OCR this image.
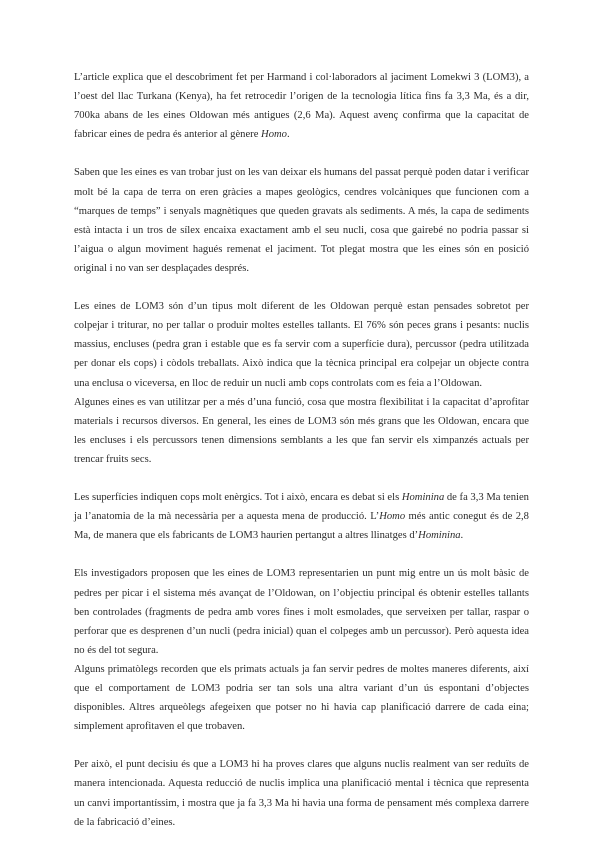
L’article explica que el descobriment fet per Harmand i col·laboradors al jaciment Lomekwi 3 (LOM3), a l’oest del llac Turkana (Kenya), ha fet retrocedir l’origen de la tecnologia lítica fins fa 3,3 Ma, és a dir, 700ka abans de les eines Oldowan més antigues (2,6 Ma). Aquest avenç confirma que la capacitat de fabricar eines de pedra és anterior al gènere Homo.

Saben que les eines es van trobar just on les van deixar els humans del passat perquè poden datar i verificar molt bé la capa de terra on eren gràcies a mapes geològics, cendres volcàniques que funcionen com a “marques de temps” i senyals magnètiques que queden gravats als sediments. A més, la capa de sediments està intacta i un tros de sílex encaixa exactament amb el seu nucli, cosa que gairebé no podria passar si l’aigua o algun moviment hagués remenat el jaciment. Tot plegat mostra que les eines són en posició original i no van ser desplaçades després.

Les eines de LOM3 són d’un tipus molt diferent de les Oldowan perquè estan pensades sobretot per colpejar i triturar, no per tallar o produir moltes estelles tallants. El 76% són peces grans i pesants: nuclis massius, encluses (pedra gran i estable que es fa servir com a superfície dura), percussor (pedra utilitzada per donar els cops) i còdols treballats. Això indica que la tècnica principal era colpejar un objecte contra una enclusa o viceversa, en lloc de reduir un nucli amb cops controlats com es feia a l’Oldowan.

Algunes eines es van utilitzar per a més d’una funció, cosa que mostra flexibilitat i la capacitat d’aprofitar materials i recursos diversos. En general, les eines de LOM3 són més grans que les Oldowan, encara que les encluses i els percussors tenen dimensions semblants a les que fan servir els ximpanzés actuals per trencar fruits secs.

Les superfícies indiquen cops molt enèrgics. Tot i això, encara es debat si els Hominina de fa 3,3 Ma tenien ja l’anatomia de la mà necessària per a aquesta mena de producció. L’Homo més antic conegut és de 2,8 Ma, de manera que els fabricants de LOM3 haurien pertangut a altres llinatges d’Hominina.

Els investigadors proposen que les eines de LOM3 representarien un punt mig entre un ús molt bàsic de pedres per picar i el sistema més avançat de l’Oldowan, on l’objectiu principal és obtenir estelles tallants ben controlades (fragments de pedra amb vores fines i molt esmolades, que serveixen per tallar, raspar o perforar que es desprenen d’un nucli (pedra inicial) quan el colpeges amb un percussor). Però aquesta idea no és del tot segura.

Alguns primatòlegs recorden que els primats actuals ja fan servir pedres de moltes maneres diferents, així que el comportament de LOM3 podria ser tan sols una altra variant d’un ús espontani d’objectes disponibles. Altres arqueòlegs afegeixen que potser no hi havia cap planificació darrere de cada eina; simplement aprofitaven el que trobaven.

Per això, el punt decisiu és que a LOM3 hi ha proves clares que alguns nuclis realment van ser reduïts de manera intencionada. Aquesta reducció de nuclis implica una planificació mental i tècnica que representa un canvi importantíssim, i mostra que ja fa 3,3 Ma hi havia una forma de pensament més complexa darrere de la fabricació d’eines.
